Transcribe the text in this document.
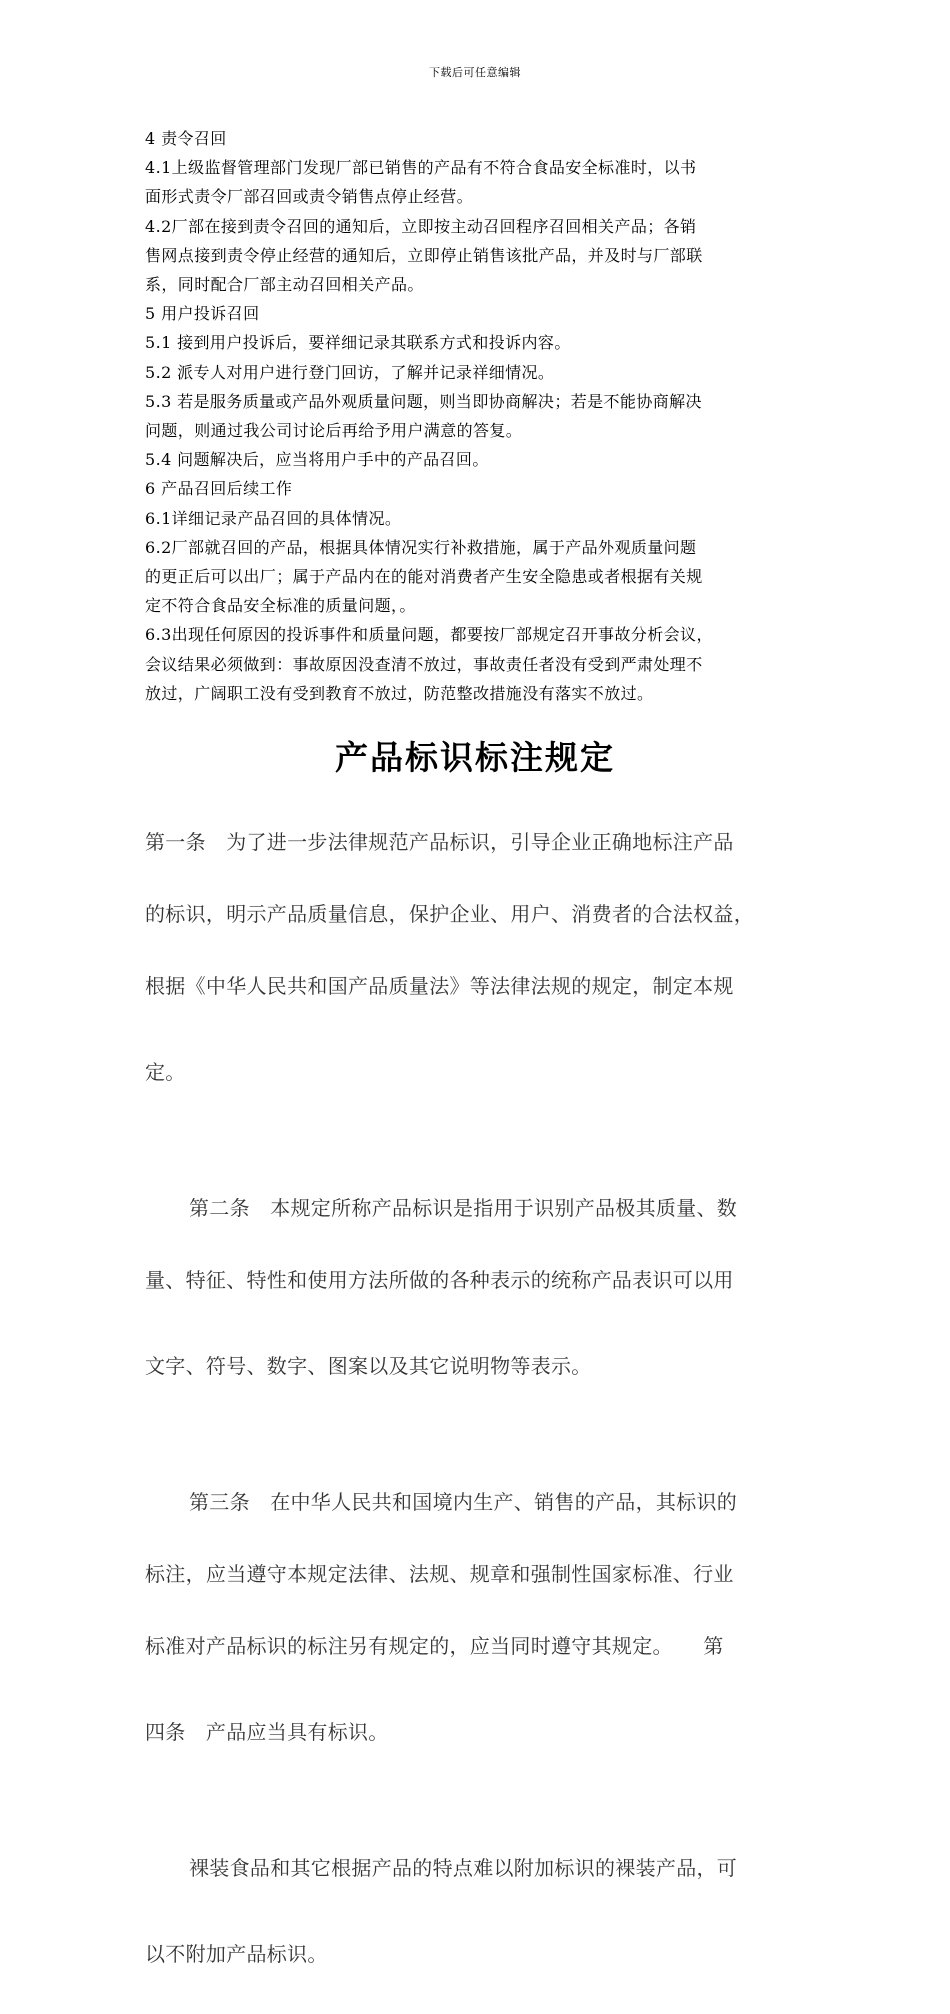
下载后可任意编辑

4 责令召回

4.1上级监督管理部门发现厂部已销售的产品有不符合食品安全标准时，以书

面形式责令厂部召回或责令销售点停止经营。

4.2厂部在接到责令召回的通知后，立即按主动召回程序召回相关产品；各销

售网点接到责令停止经营的通知后，立即停止销售该批产品，并及时与厂部联

系，同时配合厂部主动召回相关产品。

5 用户投诉召回

5.1 接到用户投诉后，要祥细记录其联系方式和投诉内容。

5.2 派专人对用户进行登门回访，了解并记录祥细情况。

5.3 若是服务质量或产品外观质量问题，则当即协商解决；若是不能协商解决

问题，则通过我公司讨论后再给予用户满意的答复。

5.4 问题解决后，应当将用户手中的产品召回。

6 产品召回后续工作

6.1详细记录产品召回的具体情况。

6.2厂部就召回的产品，根据具体情况实行补救措施，属于产品外观质量问题

的更正后可以出厂；属于产品内在的能对消费者产生安全隐患或者根据有关规

定不符合食品安全标准的质量问题，。

6.3出现任何原因的投诉事件和质量问题，都要按厂部规定召开事故分析会议，

会议结果必须做到：事故原因没查清不放过，事故责任者没有受到严肃处理不

放过，广阔职工没有受到教育不放过，防范整改措施没有落实不放过。

产品标识标注规定

第一条　为了进一步法律规范产品标识，引导企业正确地标注产品

的标识，明示产品质量信息，保护企业、用户、消费者的合法权益，

根据《中华人民共和国产品质量法》等法律法规的规定，制定本规

定。

第二条　本规定所称产品标识是指用于识别产品极其质量、数

量、特征、特性和使用方法所做的各种表示的统称产品表识可以用

文字、符号、数字、图案以及其它说明物等表示。

第三条　在中华人民共和国境内生产、销售的产品，其标识的

标注，应当遵守本规定法律、法规、规章和强制性国家标准、行业

标准对产品标识的标注另有规定的，应当同时遵守其规定。　　第

四条　产品应当具有标识。

裸装食品和其它根据产品的特点难以附加标识的裸装产品，可

以不附加产品标识。
